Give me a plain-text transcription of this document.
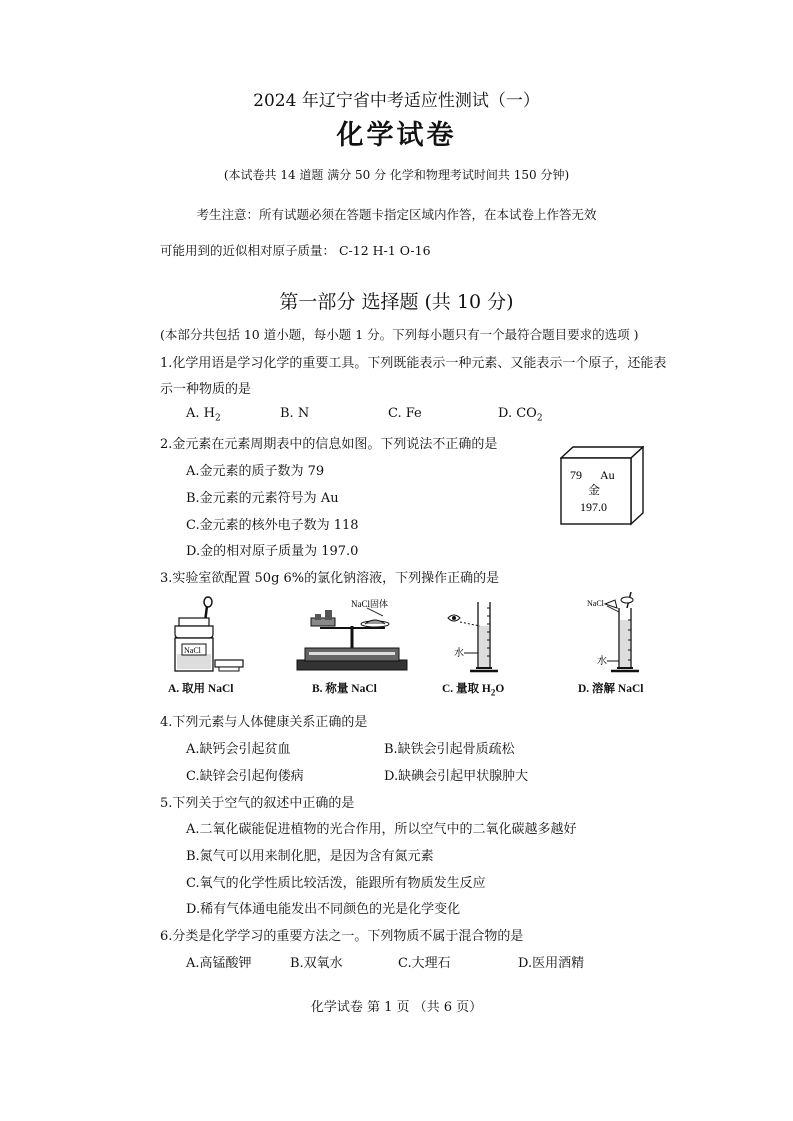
2024 年辽宁省中考适应性测试（一）
化学试卷
(本试卷共 14 道题 满分 50 分 化学和物理考试时间共 150 分钟)
考生注意：所有试题必须在答题卡指定区域内作答，在本试卷上作答无效
可能用到的近似相对原子质量： C-12 H-1 O-16
第一部分 选择题 (共 10 分)
(本部分共包括 10 道小题，每小题 1 分。下列每小题只有一个最符合题目要求的选项 )
1.化学用语是学习化学的重要工具。下列既能表示一种元素、又能表示一个原子，还能表
示一种物质的是
A. $H_2$	B. N	C. Fe	D. $CO_2$
2.金元素在元素周期表中的信息如图。下列说法不正确的是
A.金元素的质子数为 79
B.金元素的元素符号为 Au
C.金元素的核外电子数为 118
D.金的相对原子质量为 197.0
79 Au
金
197.0
3.实验室欲配置 50g 6%的氯化钠溶液，下列操作正确的是
NaCl
A. 取用 NaCl
NaCl固体
B. 称量 NaCl
水
C. 量取 $H_2O$
NaCl
水
D. 溶解 NaCl
4.下列元素与人体健康关系正确的是
A.缺钙会引起贫血	B.缺铁会引起骨质疏松
C.缺锌会引起佝偻病	D.缺碘会引起甲状腺肿大
5.下列关于空气的叙述中正确的是
A.二氧化碳能促进植物的光合作用，所以空气中的二氧化碳越多越好
B.氮气可以用来制化肥，是因为含有氮元素
C.氧气的化学性质比较活泼，能跟所有物质发生反应
D.稀有气体通电能发出不同颜色的光是化学变化
6.分类是化学学习的重要方法之一。下列物质不属于混合物的是
A.高锰酸钾	B.双氧水	C.大理石	D.医用酒精
化学试卷 第 1 页 （共 6 页）
